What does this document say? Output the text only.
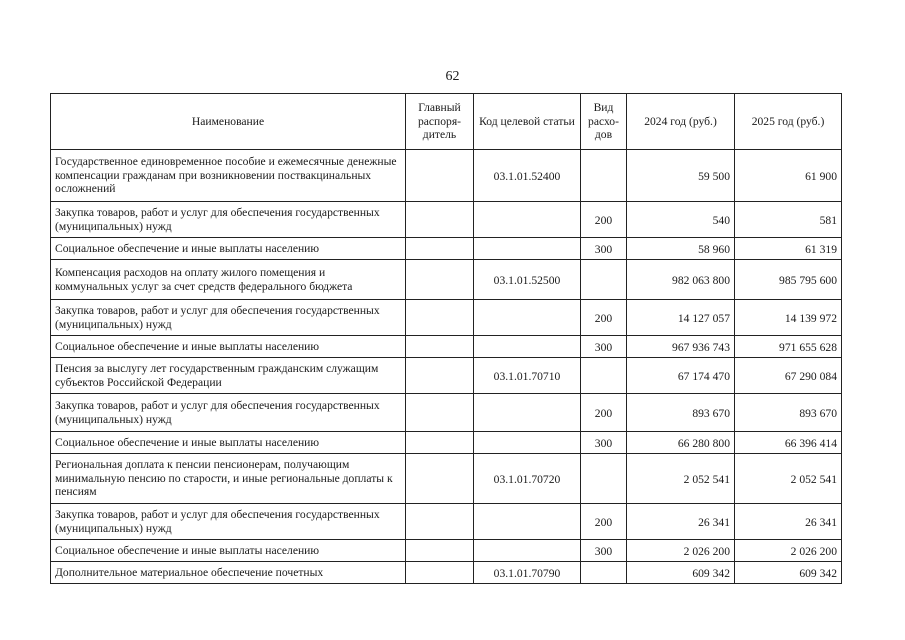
62
Наименование	Главный распоря-дитель	Код целевой статьи	Вид расхо-дов	2024 год (руб.)	2025 год (руб.)
Государственное единовременное пособие и ежемесячные денежные компенсации гражданам при возникновении поствакцинальных осложнений		03.1.01.52400		59 500	61 900
Закупка товаров, работ и услуг для обеспечения государственных (муниципальных) нужд			200	540	581
Социальное обеспечение и иные выплаты населению			300	58 960	61 319
Компенсация расходов на оплату жилого помещения и коммунальных услуг за счет средств федерального бюджета		03.1.01.52500		982 063 800	985 795 600
Закупка товаров, работ и услуг для обеспечения государственных (муниципальных) нужд			200	14 127 057	14 139 972
Социальное обеспечение и иные выплаты населению			300	967 936 743	971 655 628
Пенсия за выслугу лет государственным гражданским служащим субъектов Российской Федерации		03.1.01.70710		67 174 470	67 290 084
Закупка товаров, работ и услуг для обеспечения государственных (муниципальных) нужд			200	893 670	893 670
Социальное обеспечение и иные выплаты населению			300	66 280 800	66 396 414
Региональная доплата к пенсии пенсионерам, получающим минимальную пенсию по старости, и иные региональные доплаты к пенсиям		03.1.01.70720		2 052 541	2 052 541
Закупка товаров, работ и услуг для обеспечения государственных (муниципальных) нужд			200	26 341	26 341
Социальное обеспечение и иные выплаты населению			300	2 026 200	2 026 200
Дополнительное материальное обеспечение почетных		03.1.01.70790		609 342	609 342
